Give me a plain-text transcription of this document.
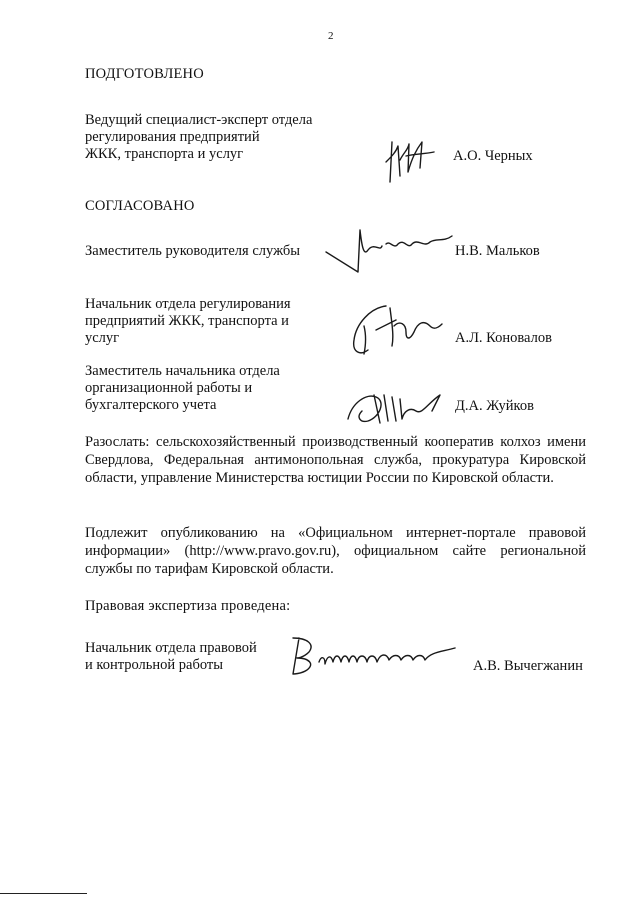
2
ПОДГОТОВЛЕНО
Ведущий специалист-эксперт отдела
регулирования предприятий
ЖКК, транспорта и услуг	А.О. Черных
СОГЛАСОВАНО
Заместитель руководителя службы	Н.В. Мальков
Начальник отдела регулирования
предприятий ЖКК, транспорта и
услуг	А.Л. Коновалов
Заместитель начальника отдела
организационной работы и
бухгалтерского учета	Д.А. Жуйков
Разослать: сельскохозяйственный производственный кооператив колхоз имени Свердлова, Федеральная антимонопольная служба, прокуратура Кировской области, управление Министерства юстиции России по Кировской области.
Подлежит опубликованию на «Официальном интернет-портале правовой информации» (http://www.pravo.gov.ru), официальном сайте региональной службы по тарифам Кировской области.
Правовая экспертиза проведена:
Начальник отдела правовой
и контрольной работы	А.В. Вычегжанин
